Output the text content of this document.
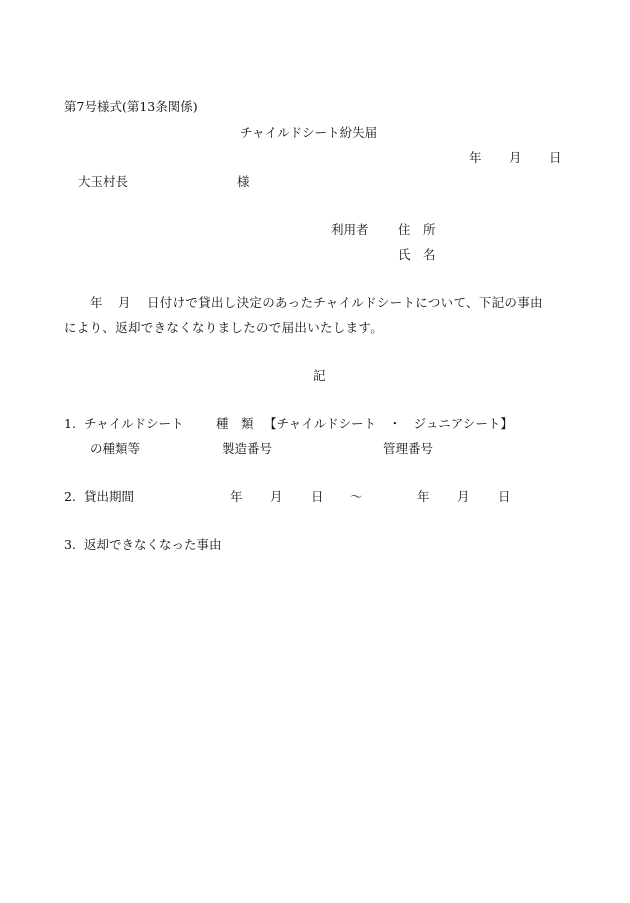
第7号様式(第13条関係)
チャイルドシート紛失届
年 月 日
大玉村長	様
利用者 住　所
氏　名
年 月 日付けで貸出し決定のあったチャイルドシートについて、下記の事由
により、返却できなくなりましたので届出いたします。
記
1. チャイルドシート	種　類 【チャイルドシート　・　ジュニアシート】
の種類等	製造番号	管理番号
2. 貸出期間	年 月 日 ～	年 月 日
3. 返却できなくなった事由
